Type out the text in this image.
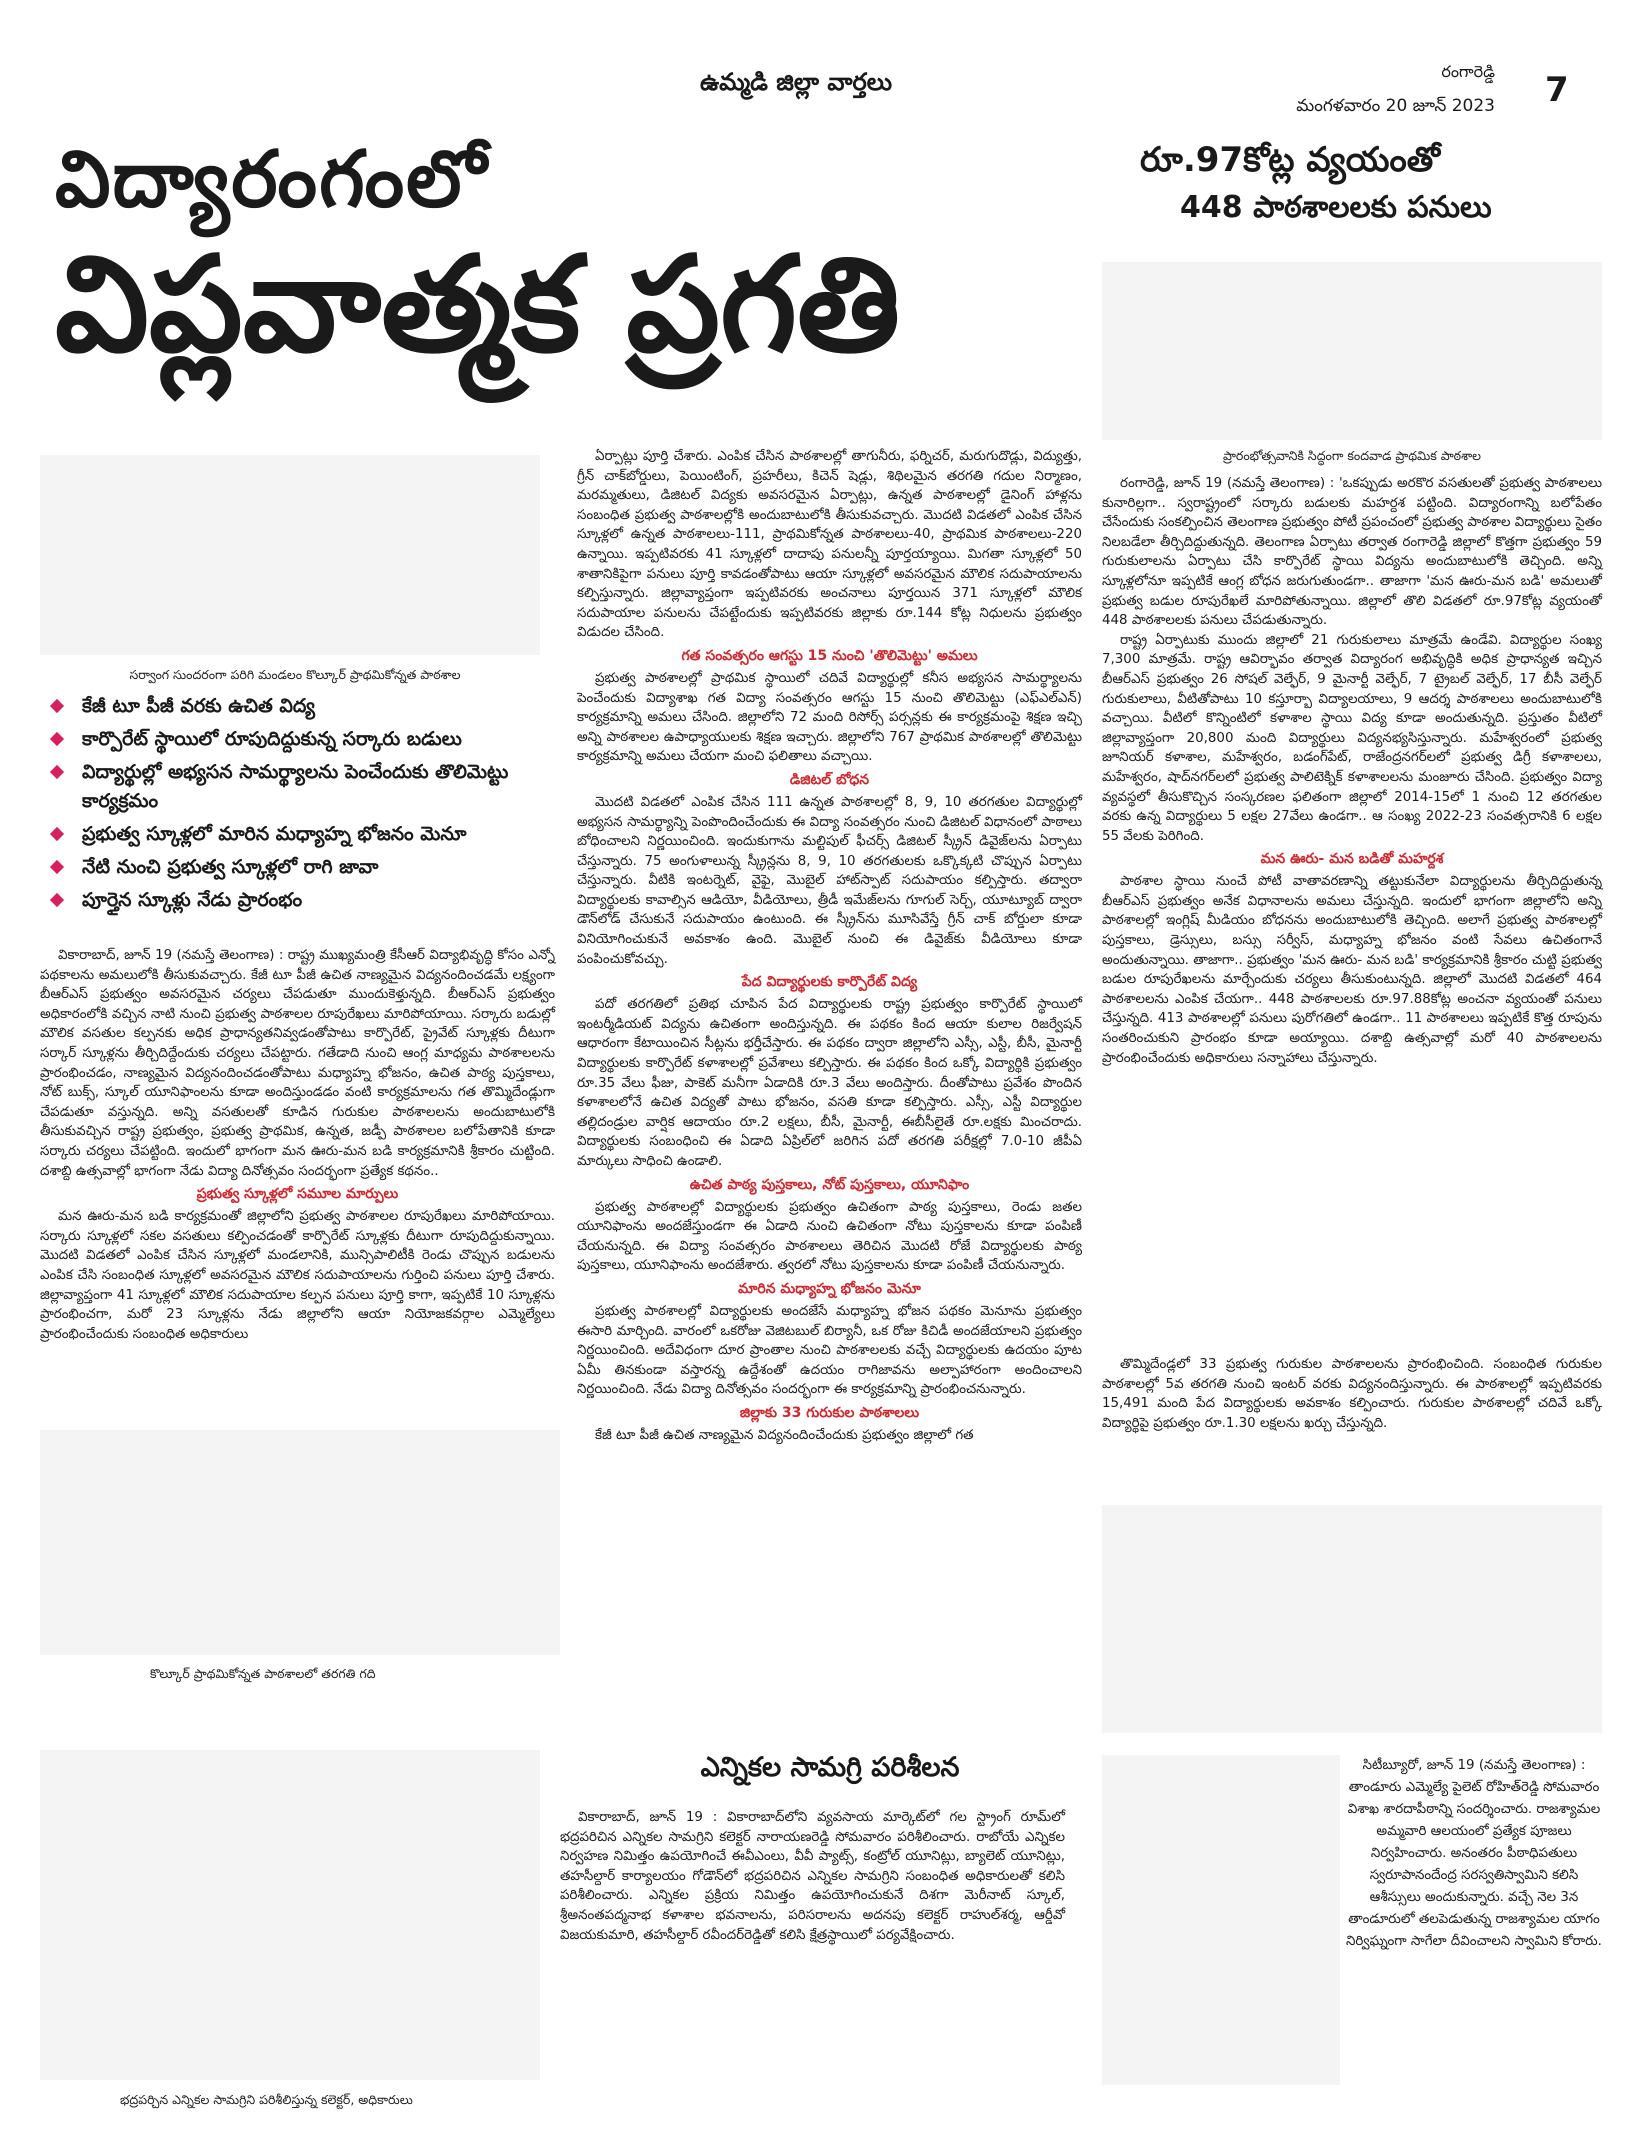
ఉమ్మడి జిల్లా వార్తలు	రంగారెడ్డి
మంగళవారం 20 జూన్ 2023 7
విద్యారంగంలో
విప్లవాత్మక ప్రగతి
రూ.97కోట్ల వ్యయంతో
448 పాఠశాలలకు పనులు
ప్రారంభోత్సవానికి సిద్ధంగా కందవాడ ప్రాథమిక పాఠశాల
సర్వాంగ సుందరంగా పరిగి మండలం కొల్కూర్ ప్రాథమికోన్నత పాఠశాల
కేజీ టూ పీజీ వరకు ఉచిత విద్య
కార్పొరేట్ స్థాయిలో రూపుదిద్దుకున్న సర్కారు బడులు
విద్యార్థుల్లో అభ్యసన సామర్థ్యాలను పెంచేందుకు తొలిమెట్టు కార్యక్రమం
ప్రభుత్వ స్కూళ్లలో మారిన మధ్యాహ్న భోజనం మెనూ
నేటి నుంచి ప్రభుత్వ స్కూళ్లలో రాగి జావా
పూర్తైన స్కూళ్లు నేడు ప్రారంభం

వికారాబాద్, జూన్ 19 (నమస్తే తెలంగాణ) : రాష్ట్ర ముఖ్యమంత్రి కేసీఆర్ విద్యాభివృద్ధి కోసం ఎన్నో పథకాలను అమలులోకి తీసుకువచ్చారు. కేజీ టూ పీజీ ఉచిత నాణ్యమైన విద్యనందించడమే లక్ష్యంగా బీఆర్ఎస్ ప్రభుత్వం అవసరమైన చర్యలు చేపడుతూ ముందుకెళ్తున్నది. బీఆర్ఎస్ ప్రభుత్వం అధికారంలోకి వచ్చిన నాటి నుంచి ప్రభుత్వ పాఠశాలల రూపురేఖలు మారిపోయాయి. సర్కారు బడుల్లో మౌలిక వసతుల కల్పనకు అధిక ప్రాధాన్యతనివ్వడంతోపాటు కార్పొరేట్, ప్రైవేట్ స్కూళ్లకు దీటుగా సర్కార్ స్కూళ్లను తీర్చిదిద్దేందుకు చర్యలు చేపట్టారు. గతేడాది నుంచి ఆంగ్ల మాధ్యమ పాఠశాలలను ప్రారంభించడం, నాణ్యమైన విద్యనందించడంతోపాటు మధ్యాహ్న భోజనం, ఉచిత పాఠ్య పుస్తకాలు, నోట్ బుక్స్, స్కూల్ యూనిఫాంలను కూడా అందిస్తుండడం వంటి కార్యక్రమాలను గత తొమ్మిదేండ్లుగా చేపడుతూ వస్తున్నది. అన్ని వసతులతో కూడిన గురుకుల పాఠశాలలను అందుబాటులోకి తీసుకువచ్చిన రాష్ట్ర ప్రభుత్వం, ప్రభుత్వ ప్రాథమిక, ఉన్నత, జడ్పీ పాఠశాలల బలోపేతానికి కూడా సర్కారు చర్యలు చేపట్టింది. ఇందులో భాగంగా మన ఊరు-మన బడి కార్యక్రమానికి శ్రీకారం చుట్టింది. దశాబ్ది ఉత్సవాల్లో భాగంగా నేడు విద్యా దినోత్సవం సందర్భంగా ప్రత్యేక కథనం..

ప్రభుత్వ స్కూళ్లలో సమూల మార్పులు

మన ఊరు-మన బడి కార్యక్రమంతో జిల్లాలోని ప్రభుత్వ పాఠశాలల రూపురేఖలు మారిపోయాయి. సర్కారు స్కూళ్లలో సకల వసతులు కల్పించడంతో కార్పొరేట్ స్కూళ్లకు దీటుగా రూపుదిద్దుకున్నాయి. మొదటి విడతలో ఎంపిక చేసిన స్కూళ్లలో మండలానికి, మున్సిపాలిటీకి రెండు చొప్పున బడులను ఎంపిక చేసి సంబంధిత స్కూళ్లలో అవసరమైన మౌలిక సదుపాయాలను గుర్తించి పనులు పూర్తి చేశారు. జిల్లావ్యాప్తంగా 41 స్కూళ్లలో మౌలిక సదుపాయాల కల్పన పనులు పూర్తి కాగా, ఇప్పటికే 10 స్కూళ్లను ప్రారంభించగా, మరో 23 స్కూళ్లను నేడు జిల్లాలోని ఆయా నియోజకవర్గాల ఎమ్మెల్యేలు ప్రారంభించేందుకు సంబంధిత అధికారులు

కొల్కూర్ ప్రాథమికోన్నత పాఠశాలలో తరగతి గది

ఏర్పాట్లు పూర్తి చేశారు. ఎంపిక చేసిన పాఠశాలల్లో తాగునీరు, ఫర్నిచర్, మరుగుదొడ్లు, విద్యుత్తు, గ్రీన్ చాక్‌బోర్డులు, పెయింటింగ్, ప్రహరీలు, కిచెన్ షెడ్లు, శిథిలమైన తరగతి గదుల నిర్మాణం, మరమ్మతులు, డిజిటల్ విద్యకు అవసరమైన ఏర్పాట్లు, ఉన్నత పాఠశాలల్లో డైనింగ్ హాళ్లను సంబంధిత ప్రభుత్వ పాఠశాలల్లోకి అందుబాటులోకి తీసుకువచ్చారు. మొదటి విడతలో ఎంపిక చేసిన స్కూళ్లలో ఉన్నత పాఠశాలలు-111, ప్రాథమికోన్నత పాఠశాలలు-40, ప్రాథమిక పాఠశాలలు-220 ఉన్నాయి. ఇప్పటివరకు 41 స్కూళ్లలో దాదాపు పనులన్నీ పూర్తయ్యాయి. మిగతా స్కూళ్లలో 50 శాతానికిపైగా పనులు పూర్తి కావడంతోపాటు ఆయా స్కూళ్లలో అవసరమైన మౌలిక సదుపాయాలను కల్పిస్తున్నారు. జిల్లావ్యాప్తంగా ఇప్పటివరకు అంచనాలు పూర్తయిన 371 స్కూళ్లలో మౌలిక సదుపాయాల పనులను చేపట్టేందుకు ఇప్పటివరకు జిల్లాకు రూ.144 కోట్ల నిధులను ప్రభుత్వం విడుదల చేసింది.

గత సంవత్సరం ఆగస్టు 15 నుంచి 'తొలిమెట్టు' అమలు

ప్రభుత్వ పాఠశాలల్లో ప్రాథమిక స్థాయిలో చదివే విద్యార్థుల్లో కనీస అభ్యసన సామర్థ్యాలను పెంచేందుకు విద్యాశాఖ గత విద్యా సంవత్సరం ఆగస్టు 15 నుంచి తొలిమెట్టు (ఎఫ్‌ఎల్‌ఎన్) కార్యక్రమాన్ని అమలు చేసింది. జిల్లాలోని 72 మంది రిసోర్స్ పర్సన్లకు ఈ కార్యక్రమంపై శిక్షణ ఇచ్చి అన్ని పాఠశాలల ఉపాధ్యాయులకు శిక్షణ ఇచ్చారు. జిల్లాలోని 767 ప్రాథమిక పాఠశాలల్లో తొలిమెట్టు కార్యక్రమాన్ని అమలు చేయగా మంచి ఫలితాలు వచ్చాయి.

డిజిటల్ బోధన

మొదటి విడతలో ఎంపిక చేసిన 111 ఉన్నత పాఠశాలల్లో 8, 9, 10 తరగతుల విద్యార్థుల్లో అభ్యసన సామర్థ్యాన్ని పెంపొందించేందుకు ఈ విద్యా సంవత్సరం నుంచి డిజిటల్ విధానంలో పాఠాలు బోధించాలని నిర్ణయించింది. ఇందుకుగాను మల్టిపుల్ ఫీచర్స్ డిజిటల్ స్క్రీన్ డివైజ్‌లను ఏర్పాటు చేస్తున్నారు. 75 అంగుళాలున్న స్క్రీన్లను 8, 9, 10 తరగతులకు ఒక్కొక్కటి చొప్పున ఏర్పాటు చేస్తున్నారు. వీటికి ఇంటర్నెట్, వైఫై, మొబైల్ హాట్‌స్పాట్ సదుపాయం కల్పిస్తారు. తద్వారా విద్యార్థులకు కావాల్సిన ఆడియో, వీడియోలు, త్రీడీ ఇమేజ్‌లను గూగుల్ సెర్చ్, యూట్యూబ్ ద్వారా డౌన్‌లోడ్ చేసుకునే సదుపాయం ఉంటుంది. ఈ స్క్రీన్‌ను మూసివేస్తే గ్రీన్ చాక్ బోర్డులా కూడా వినియోగించుకునే అవకాశం ఉంది. మొబైల్ నుంచి ఈ డివైజ్‌కు వీడియోలు కూడా పంపించుకోవచ్చు.

పేద విద్యార్థులకు కార్పొరేట్ విద్య

పదో తరగతిలో ప్రతిభ చూపిన పేద విద్యార్థులకు రాష్ట్ర ప్రభుత్వం కార్పొరేట్ స్థాయిలో ఇంటర్మీడియట్ విద్యను ఉచితంగా అందిస్తున్నది. ఈ పథకం కింద ఆయా కులాల రిజర్వేషన్ ఆధారంగా కేటాయించిన సీట్లను భర్తీచేస్తారు. ఈ పథకం ద్వారా జిల్లాలోని ఎస్సీ, ఎస్టీ, బీసీ, మైనార్టీ విద్యార్థులకు కార్పొరేట్ కళాశాలల్లో ప్రవేశాలు కల్పిస్తారు. ఈ పథకం కింద ఒక్కో విద్యార్థికి ప్రభుత్వం రూ.35 వేలు ఫీజు, పాకెట్ మనీగా ఏడాదికి రూ.3 వేలు అందిస్తారు. దీంతోపాటు ప్రవేశం పొందిన కళాశాలలోనే ఉచిత విద్యతో పాటు భోజనం, వసతి కూడా కల్పిస్తారు. ఎస్సీ, ఎస్టీ విద్యార్థుల తల్లిదండ్రుల వార్షిక ఆదాయం రూ.2 లక్షలు, బీసీ, మైనార్టీ, ఈబీసీలైతే రూ.లక్షకు మించరాదు. విద్యార్థులకు సంబంధించి ఈ ఏడాది ఏప్రిల్‌లో జరిగిన పదో తరగతి పరీక్షల్లో 7.0-10 జీపీఏ మార్కులు సాధించి ఉండాలి.

ఉచిత పాఠ్య పుస్తకాలు, నోట్ పుస్తకాలు, యూనిఫాం

ప్రభుత్వ పాఠశాలల్లో విద్యార్థులకు ప్రభుత్వం ఉచితంగా పాఠ్య పుస్తకాలు, రెండు జతల యూనిఫాంను అందజేస్తుండగా ఈ ఏడాది నుంచి ఉచితంగా నోటు పుస్తకాలను కూడా పంపిణీ చేయనున్నది. ఈ విద్యా సంవత్సరం పాఠశాలలు తెరిచిన మొదటి రోజే విద్యార్థులకు పాఠ్య పుస్తకాలు, యూనిఫాంను అందజేశారు. త్వరలో నోటు పుస్తకాలను కూడా పంపిణీ చేయనున్నారు.

మారిన మధ్యాహ్న భోజనం మెనూ

ప్రభుత్వ పాఠశాలల్లో విద్యార్థులకు అందజేసే మధ్యాహ్న భోజన పథకం మెనూను ప్రభుత్వం ఈసారి మార్చింది. వారంలో ఒకరోజు వెజిటబుల్ బిర్యానీ, ఒక రోజు కిచిడీ అందజేయాలని ప్రభుత్వం నిర్ణయించింది. అదేవిధంగా దూర ప్రాంతాల నుంచి పాఠశాలలకు వచ్చే విద్యార్థులకు ఉదయం పూట ఏమీ తినకుండా వస్తారన్న ఉద్దేశంతో ఉదయం రాగిజావను అల్పాహారంగా అందించాలని నిర్ణయించింది. నేడు విద్యా దినోత్సవం సందర్భంగా ఈ కార్యక్రమాన్ని ప్రారంభించనున్నారు.

జిల్లాకు 33 గురుకుల పాఠశాలలు

కేజీ టూ పీజీ ఉచిత నాణ్యమైన విద్యనందించేందుకు ప్రభుత్వం జిల్లాలో గత

రంగారెడ్డి, జూన్ 19 (నమస్తే తెలంగాణ) : 'ఒకప్పుడు అరకొర వసతులతో ప్రభుత్వ పాఠశాలలు కునారిల్లగా.. స్వరాష్ట్రంలో సర్కారు బడులకు మహర్దశ పట్టింది. విద్యారంగాన్ని బలోపేతం చేసేందుకు సంకల్పించిన తెలంగాణ ప్రభుత్వం పోటీ ప్రపంచంలో ప్రభుత్వ పాఠశాల విద్యార్థులు సైతం నిలబడేలా తీర్చిదిద్దుతున్నది. తెలంగాణ ఏర్పాటు తర్వాత రంగారెడ్డి జిల్లాలో కొత్తగా ప్రభుత్వం 59 గురుకులాలను ఏర్పాటు చేసి కార్పొరేట్ స్థాయి విద్యను అందుబాటులోకి తెచ్చింది. అన్ని స్కూళ్లలోనూ ఇప్పటికే ఆంగ్ల బోధన జరుగుతుండగా.. తాజాగా 'మన ఊరు-మన బడి' అమలుతో ప్రభుత్వ బడుల రూపురేఖలే మారిపోతున్నాయి. జిల్లాలో తొలి విడతలో రూ.97కోట్ల వ్యయంతో 448 పాఠశాలలకు పనులు చేపడుతున్నారు.

రాష్ట్ర ఏర్పాటుకు ముందు జిల్లాలో 21 గురుకులాలు మాత్రమే ఉండేవి. విద్యార్థుల సంఖ్య 7,300 మాత్రమే. రాష్ట్ర ఆవిర్భావం తర్వాత విద్యారంగ అభివృద్ధికి అధిక ప్రాధాన్యత ఇచ్చిన బీఆర్ఎస్ ప్రభుత్వం 26 సోషల్ వెల్ఫేర్, 9 మైనార్టీ వెల్ఫేర్, 7 ట్రైబల్ వెల్ఫేర్, 17 బీసీ వెల్ఫేర్ గురుకులాలు, వీటితోపాటు 10 కస్తూర్బా విద్యాలయాలు, 9 ఆదర్శ పాఠశాలలు అందుబాటులోకి వచ్చాయి. వీటిలో కొన్నింటిలో కళాశాల స్థాయి విద్య కూడా అందుతున్నది. ప్రస్తుతం వీటిలో జిల్లావ్యాప్తంగా 20,800 మంది విద్యార్థులు విద్యనభ్యసిస్తున్నారు. మహేశ్వరంలో ప్రభుత్వ జూనియర్ కళాశాల, మహేశ్వరం, బడంగ్‌పేట్, రాజేంద్రనగర్‌లలో ప్రభుత్వ డిగ్రీ కళాశాలలు, మహేశ్వరం, షాద్‌నగర్‌లలో ప్రభుత్వ పాలిటెక్నిక్ కళాశాలలను మంజూరు చేసింది. ప్రభుత్వం విద్యా వ్యవస్థలో తీసుకొచ్చిన సంస్కరణల ఫలితంగా జిల్లాలో 2014-15లో 1 నుంచి 12 తరగతుల వరకు ఉన్న విద్యార్థులు 5 లక్షల 27వేలు ఉండగా.. ఆ సంఖ్య 2022-23 సంవత్సరానికి 6 లక్షల 55 వేలకు పెరిగింది.

మన ఊరు- మన బడితో మహర్దశ

పాఠశాల స్థాయి నుంచే పోటీ వాతావరణాన్ని తట్టుకునేలా విద్యార్థులను తీర్చిదిద్దుతున్న బీఆర్ఎస్ ప్రభుత్వం అనేక విధానాలను అమలు చేస్తున్నది. ఇందులో భాగంగా జిల్లాలోని అన్ని పాఠశాలల్లో ఇంగ్లిష్ మీడియం బోధనను అందుబాటులోకి తెచ్చింది. అలాగే ప్రభుత్వ పాఠశాలల్లో పుస్తకాలు, డ్రెస్సులు, బస్సు సర్వీస్, మధ్యాహ్న భోజనం వంటి సేవలు ఉచితంగానే అందుతున్నాయి. తాజాగా.. ప్రభుత్వం 'మన ఊరు- మన బడి' కార్యక్రమానికి శ్రీకారం చుట్టి ప్రభుత్వ బడుల రూపురేఖలను మార్చేందుకు చర్యలు తీసుకుంటున్నది. జిల్లాలో మొదటి విడతలో 464 పాఠశాలలను ఎంపిక చేయగా.. 448 పాఠశాలలకు రూ.97.88కోట్ల అంచనా వ్యయంతో పనులు చేస్తున్నది. 413 పాఠశాలల్లో పనులు పురోగతిలో ఉండగా.. 11 పాఠశాలలు ఇప్పటికే కొత్త రూపును సంతరించుకుని ప్రారంభం కూడా అయ్యాయి. దశాబ్ది ఉత్సవాల్లో మరో 40 పాఠశాలలను ప్రారంభించేందుకు అధికారులు సన్నాహాలు చేస్తున్నారు.

తొమ్మిదేండ్లలో 33 ప్రభుత్వ గురుకుల పాఠశాలలను ప్రారంభించింది. సంబంధిత గురుకుల పాఠశాలల్లో 5వ తరగతి నుంచి ఇంటర్ వరకు విద్యనందిస్తున్నారు. ఈ పాఠశాలల్లో ఇప్పటివరకు 15,491 మంది పేద విద్యార్థులకు అవకాశం కల్పించారు. గురుకుల పాఠశాలల్లో చదివే ఒక్కో విద్యార్థిపై ప్రభుత్వం రూ.1.30 లక్షలను ఖర్చు చేస్తున్నది.

ఎన్నికల సామగ్రి పరిశీలన

వికారాబాద్, జూన్ 19 : వికారాబాద్‌లోని వ్యవసాయ మార్కెట్‌లో గల స్ట్రాంగ్ రూమ్‌లో భద్రపరిచిన ఎన్నికల సామగ్రిని కలెక్టర్ నారాయణరెడ్డి సోమవారం పరిశీలించారు. రాబోయే ఎన్నికల నిర్వహణ నిమిత్తం ఉపయోగించే ఈవీఎంలు, వీవీ ప్యాట్స్, కంట్రోల్ యూనిట్లు, బ్యాలెట్ యూనిట్లు, తహసీల్దార్ కార్యాలయం గోడౌన్‌లో భద్రపరిచిన ఎన్నికల సామగ్రిని సంబంధిత అధికారులతో కలిసి పరిశీలించారు. ఎన్నికల ప్రక్రియ నిమిత్తం ఉపయోగించుకునే దిశగా మెరీనాట్ స్కూల్, శ్రీఅనంతపద్మనాభ కళాశాల భవనాలను, పరిసరాలను అదనపు కలెక్టర్ రాహుల్‌శర్మ, ఆర్డీవో విజయకుమారి, తహసీల్దార్ రవీందర్‌రెడ్డితో కలిసి క్షేత్రస్థాయిలో పర్యవేక్షించారు.

భద్రపర్చిన ఎన్నికల సామగ్రిని పరిశీలిస్తున్న కలెక్టర్, అధికారులు

సిటీబ్యూరో, జూన్ 19 (నమస్తే తెలంగాణ) : తాండూరు ఎమ్మెల్యే పైలెట్ రోహిత్‌రెడ్డి సోమవారం విశాఖ శారదాపీఠాన్ని సందర్శించారు. రాజశ్యామల అమ్మవారి ఆలయంలో ప్రత్యేక పూజలు నిర్వహించారు. అనంతరం పీఠాధిపతులు స్వరూపానందేంద్ర సరస్వతిస్వామిని కలిసి ఆశీస్సులు అందుకున్నారు. వచ్చే నెల 3న తాండూరులో తలపెడుతున్న రాజశ్యామల యాగం నిర్విఘ్నంగా సాగేలా దీవించాలని స్వామిని కోరారు.
